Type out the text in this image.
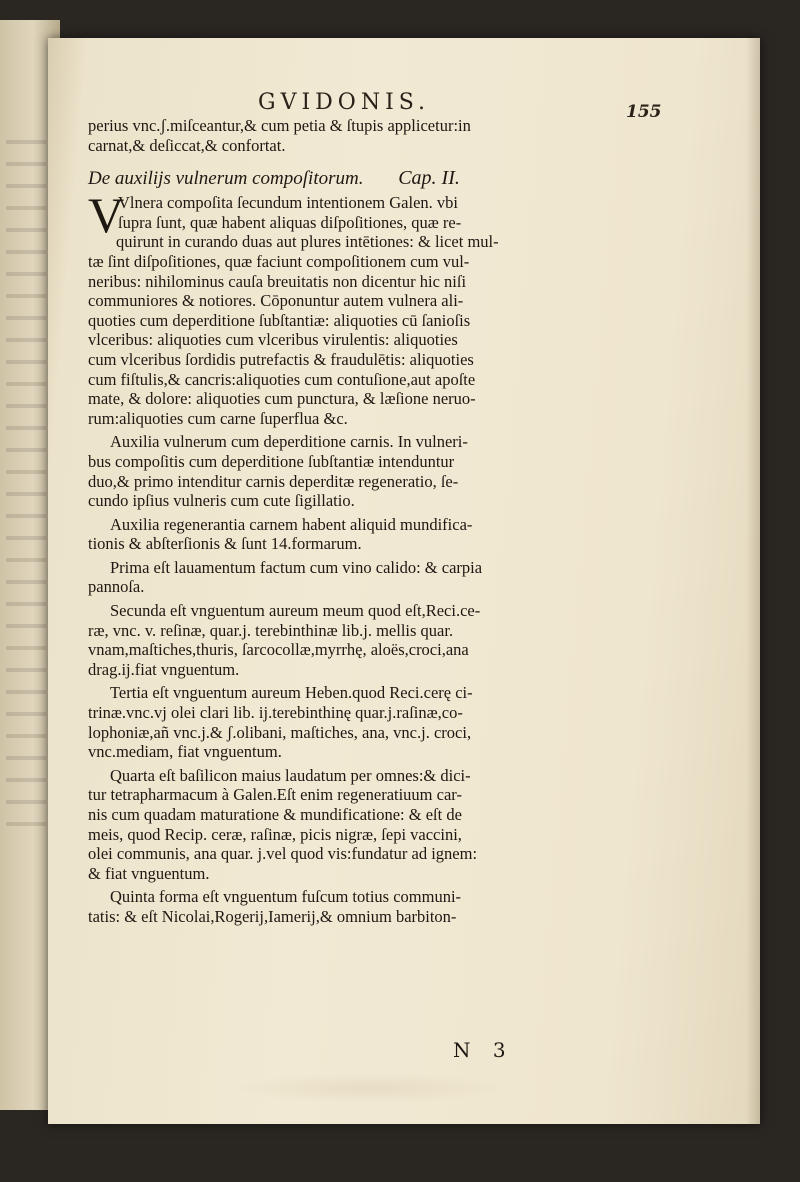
GVIDONIS.	155
perius vnc.ʃ.miſceantur,& cum petia & ſtupis applicetur:in
carnat,& deſiccat,& confortat.
De auxilijs vulnerum compoſitorum. Cap. II.
V
Vlnera compoſita ſecundum intentionem Galen. vbi
ſupra ſunt, quæ habent aliquas diſpoſitiones, quæ re-
quirunt in curando duas aut plures intētiones: & licet mul-
tæ ſint diſpoſitiones, quæ faciunt compoſitionem cum vul-
neribus: nihilominus cauſa breuitatis non dicentur hic niſi
communiores & notiores. Cōponuntur autem vulnera ali-
quoties cum deperditione ſubſtantiæ: aliquoties cū ſanioſis
vlceribus: aliquoties cum vlceribus virulentis: aliquoties
cum vlceribus ſordidis putrefactis & fraudulētis: aliquoties
cum fiſtulis,& cancris:aliquoties cum contuſione,aut apoſte
mate, & dolore: aliquoties cum punctura, & læſione neruo-
rum:aliquoties cum carne ſuperflua &c.
Auxilia vulnerum cum deperditione carnis. In vulneri-
bus compoſitis cum deperditione ſubſtantiæ intenduntur
duo,& primo intenditur carnis deperditæ regeneratio, ſe-
cundo ipſius vulneris cum cute ſigillatio.
Auxilia regenerantia carnem habent aliquid mundifica-
tionis & abſterſionis & ſunt 14.formarum.
Prima eſt lauamentum factum cum vino calido: & carpia
pannoſa.
Secunda eſt vnguentum aureum meum quod eſt,Reci.ce-
ræ, vnc. v. reſinæ, quar.j. terebinthinæ lib.j. mellis quar.
vnam,maſtiches,thuris, ſarcocollæ,myrrhę, aloës,croci,ana
drag.ij.fiat vnguentum.
Tertia eſt vnguentum aureum Heben.quod Reci.cerę ci-
trinæ.vnc.vj olei clari lib. ij.terebinthinę quar.j.raſinæ,co-
lophoniæ,añ vnc.j.& ʃ.olibani, maſtiches, ana, vnc.j. croci,
vnc.mediam, fiat vnguentum.
Quarta eſt baſilicon maius laudatum per omnes:& dici-
tur tetrapharmacum à Galen.Eſt enim regeneratiuum car-
nis cum quadam maturatione & mundificatione: & eſt de
meis, quod Recip. ceræ, raſinæ, picis nigræ, ſepi vaccini,
olei communis, ana quar. j.vel quod vis:fundatur ad ignem:
& fiat vnguentum.
Quinta forma eſt vnguentum fuſcum totius communi-
tatis: & eſt Nicolai,Rogerij,Iamerij,& omnium barbiton-
N 3
